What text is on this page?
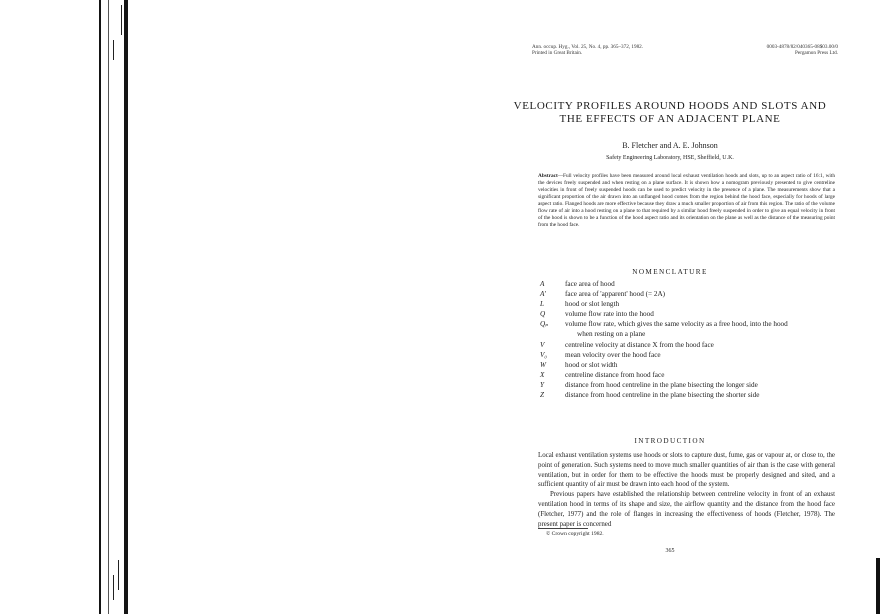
Ann. occup. Hyg., Vol. 25, No. 4, pp. 365–372, 1982.
Printed in Great Britain.
0003-4878/82/040365-08$03.00/0
Pergamon Press Ltd.
VELOCITY PROFILES AROUND HOODS AND SLOTS AND
THE EFFECTS OF AN ADJACENT PLANE
B. Fletcher and A. E. Johnson
Safety Engineering Laboratory, HSE, Sheffield, U.K.
Abstract—Full velocity profiles have been measured around local exhaust ventilation hoods and slots, up to an aspect ratio of 16:1, with the devices freely suspended and when resting on a plane surface. It is shown how a nomogram previously presented to give centreline velocities in front of freely suspended hoods can be used to predict velocity in the presence of a plane. The measurements show that a significant proportion of the air drawn into an unflanged hood comes from the region behind the hood face, especially for hoods of large aspect ratio. Flanged hoods are more effective because they draw a much smaller proportion of air from this region. The ratio of the volume flow rate of air into a hood resting on a plane to that required by a similar hood freely suspended in order to give an equal velocity in front of the hood is shown to be a function of the hood aspect ratio and its orientation on the plane as well as the distance of the measuring point from the hood face.
NOMENCLATURE
A	face area of hood
A′	face area of 'apparent' hood (= 2A)
L	hood or slot length
Q	volume flow rate into the hood
Qₚ	volume flow rate, which gives the same velocity as a free hood, into the hood
when resting on a plane
V	centreline velocity at distance X from the hood face
V₀	mean velocity over the hood face
W	hood or slot width
X	centreline distance from hood face
Y	distance from hood centreline in the plane bisecting the longer side
Z	distance from hood centreline in the plane bisecting the shorter side
INTRODUCTION

Local exhaust ventilation systems use hoods or slots to capture dust, fume, gas or vapour at, or close to, the point of generation. Such systems need to move much smaller quantities of air than is the case with general ventilation, but in order for them to be effective the hoods must be properly designed and sited, and a sufficient quantity of air must be drawn into each hood of the system.

Previous papers have established the relationship between centreline velocity in front of an exhaust ventilation hood in terms of its shape and size, the airflow quantity and the distance from the hood face (Fletcher, 1977) and the role of flanges in increasing the effectiveness of hoods (Fletcher, 1978). The present paper is concerned

© Crown copyright 1982.
365
